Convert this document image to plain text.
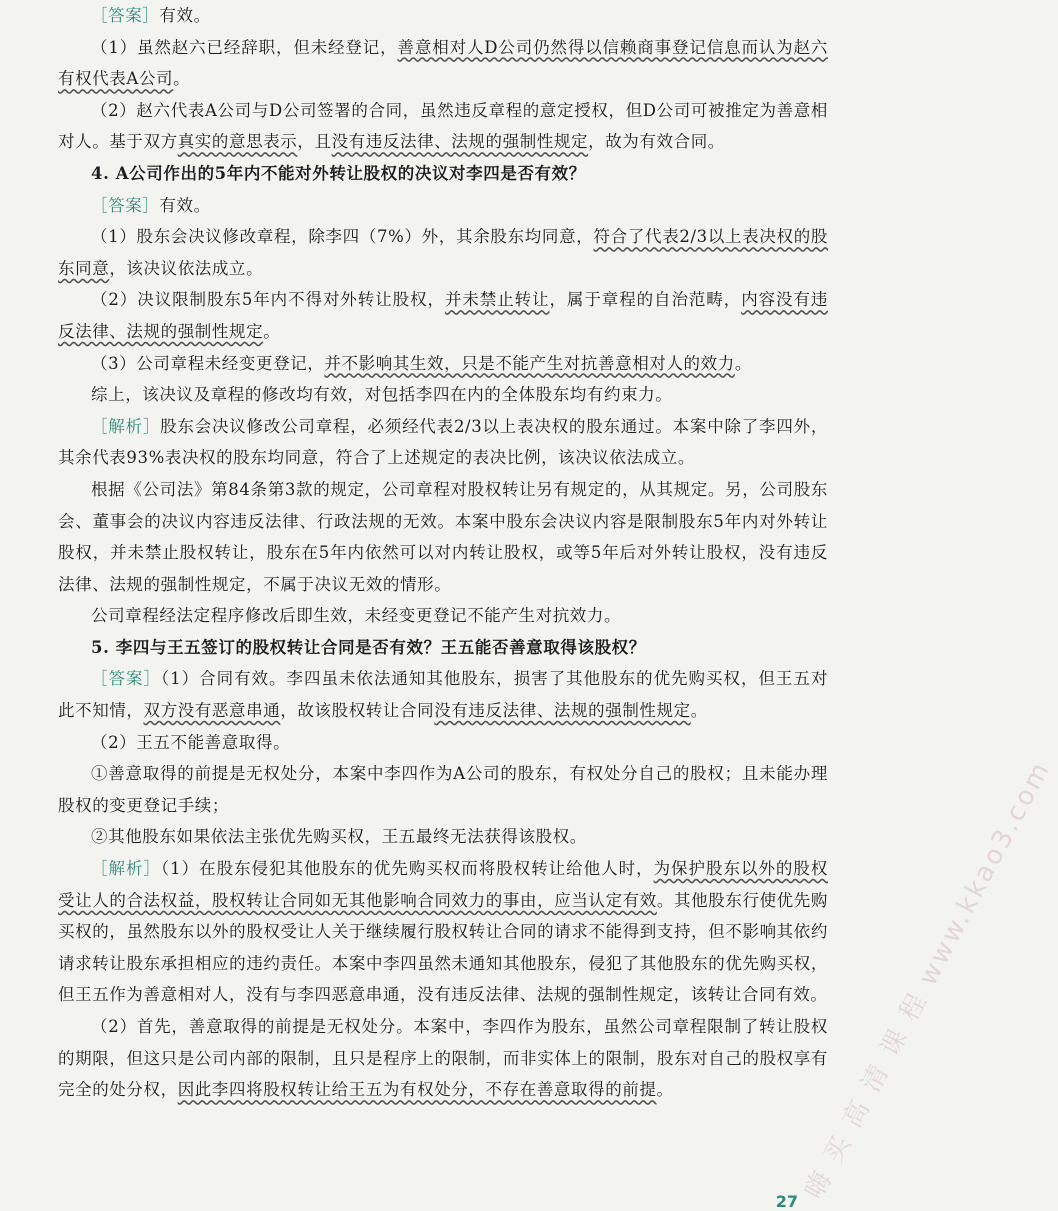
［答案］有效。

（1）虽然赵六已经辞职，但未经登记，善意相对人D公司仍然得以信赖商事登记信息而认为赵六有权代表A公司。

（2）赵六代表A公司与D公司签署的合同，虽然违反章程的意定授权，但D公司可被推定为善意相对人。基于双方真实的意思表示，且没有违反法律、法规的强制性规定，故为有效合同。

4. A公司作出的5年内不能对外转让股权的决议对李四是否有效？

［答案］有效。

（1）股东会决议修改章程，除李四（7%）外，其余股东均同意，符合了代表2/3以上表决权的股东同意，该决议依法成立。

（2）决议限制股东5年内不得对外转让股权，并未禁止转让，属于章程的自治范畴，内容没有违反法律、法规的强制性规定。

（3）公司章程未经变更登记，并不影响其生效，只是不能产生对抗善意相对人的效力。

综上，该决议及章程的修改均有效，对包括李四在内的全体股东均有约束力。

［解析］股东会决议修改公司章程，必须经代表2/3以上表决权的股东通过。本案中除了李四外，其余代表93%表决权的股东均同意，符合了上述规定的表决比例，该决议依法成立。

根据《公司法》第84条第3款的规定，公司章程对股权转让另有规定的，从其规定。另，公司股东会、董事会的决议内容违反法律、行政法规的无效。本案中股东会决议内容是限制股东5年内对外转让股权，并未禁止股权转让，股东在5年内依然可以对内转让股权，或等5年后对外转让股权，没有违反法律、法规的强制性规定，不属于决议无效的情形。

公司章程经法定程序修改后即生效，未经变更登记不能产生对抗效力。

5. 李四与王五签订的股权转让合同是否有效？王五能否善意取得该股权？

［答案］（1）合同有效。李四虽未依法通知其他股东，损害了其他股东的优先购买权，但王五对此不知情，双方没有恶意串通，故该股权转让合同没有违反法律、法规的强制性规定。

（2）王五不能善意取得。

①善意取得的前提是无权处分，本案中李四作为A公司的股东，有权处分自己的股权；且未能办理股权的变更登记手续；

②其他股东如果依法主张优先购买权，王五最终无法获得该股权。

［解析］（1）在股东侵犯其他股东的优先购买权而将股权转让给他人时，为保护股东以外的股权受让人的合法权益，股权转让合同如无其他影响合同效力的事由，应当认定有效。其他股东行使优先购买权的，虽然股东以外的股权受让人关于继续履行股权转让合同的请求不能得到支持，但不影响其依约请求转让股东承担相应的违约责任。本案中李四虽然未通知其他股东，侵犯了其他股东的优先购买权，但王五作为善意相对人，没有与李四恶意串通，没有违反法律、法规的强制性规定，该转让合同有效。

（2）首先，善意取得的前提是无权处分。本案中，李四作为股东，虽然公司章程限制了转让股权的期限，但这只是公司内部的限制，且只是程序上的限制，而非实体上的限制，股东对自己的股权享有完全的处分权，因此李四将股权转让给王五为有权处分，不存在善意取得的前提。	嗨 买 高 清 课 程 www.kkao3.com
27
